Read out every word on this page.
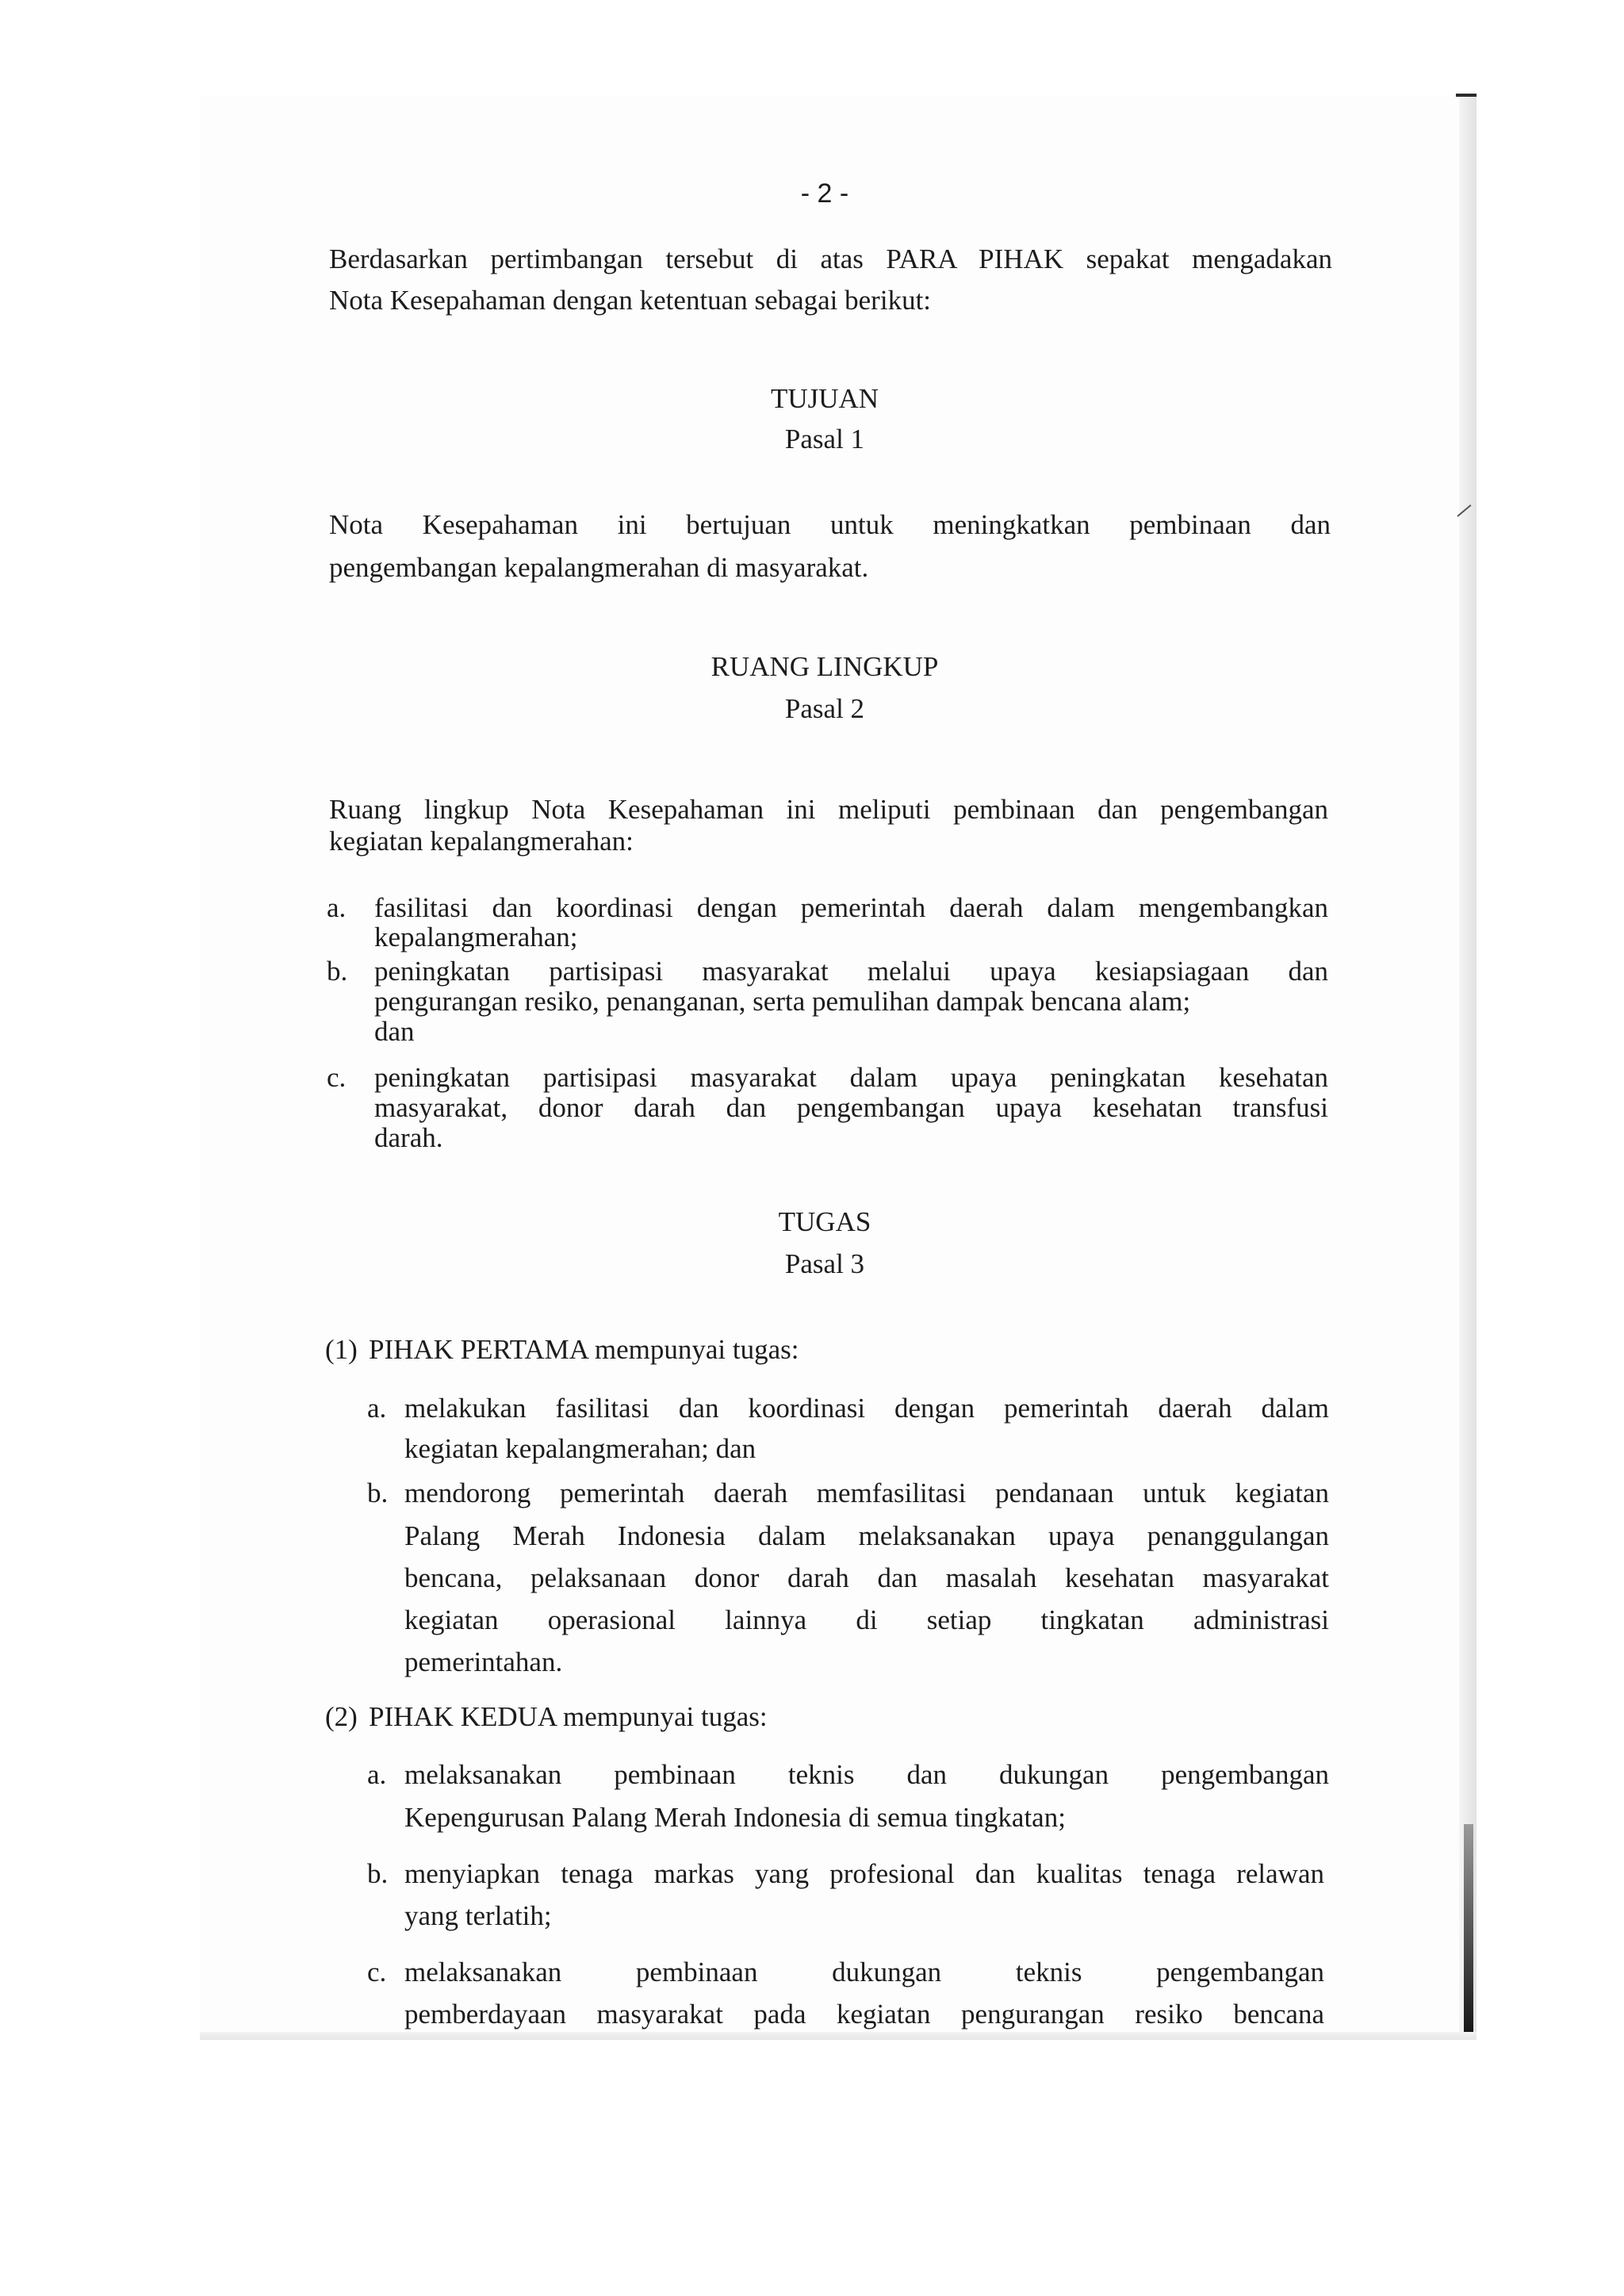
- 2 -
Berdasarkan pertimbangan tersebut di atas PARA PIHAK sepakat mengadakan
Nota Kesepahaman dengan ketentuan sebagai berikut:
TUJUAN
Pasal 1
Nota Kesepahaman ini bertujuan untuk meningkatkan pembinaan dan
pengembangan kepalangmerahan di masyarakat.
RUANG LINGKUP
Pasal 2
Ruang lingkup Nota Kesepahaman ini meliputi pembinaan dan pengembangan
kegiatan kepalangmerahan:
a. fasilitasi dan koordinasi dengan pemerintah daerah dalam mengembangkan
kepalangmerahan;
b. peningkatan partisipasi masyarakat melalui upaya kesiapsiagaan dan
pengurangan resiko, penanganan, serta pemulihan dampak bencana alam;
dan
c. peningkatan partisipasi masyarakat dalam upaya peningkatan kesehatan
masyarakat, donor darah dan pengembangan upaya kesehatan transfusi
darah.
TUGAS
Pasal 3
(1) PIHAK PERTAMA mempunyai tugas:
a. melakukan fasilitasi dan koordinasi dengan pemerintah daerah dalam
kegiatan kepalangmerahan; dan
b. mendorong pemerintah daerah memfasilitasi pendanaan untuk kegiatan
Palang Merah Indonesia dalam melaksanakan upaya penanggulangan
bencana, pelaksanaan donor darah dan masalah kesehatan masyarakat
kegiatan operasional lainnya di setiap tingkatan administrasi
pemerintahan.
(2) PIHAK KEDUA mempunyai tugas:
a. melaksanakan pembinaan teknis dan dukungan pengembangan
Kepengurusan Palang Merah Indonesia di semua tingkatan;
b. menyiapkan tenaga markas yang profesional dan kualitas tenaga relawan
yang terlatih;
c. melaksanakan pembinaan dukungan teknis pengembangan
pemberdayaan masyarakat pada kegiatan pengurangan resiko bencana
